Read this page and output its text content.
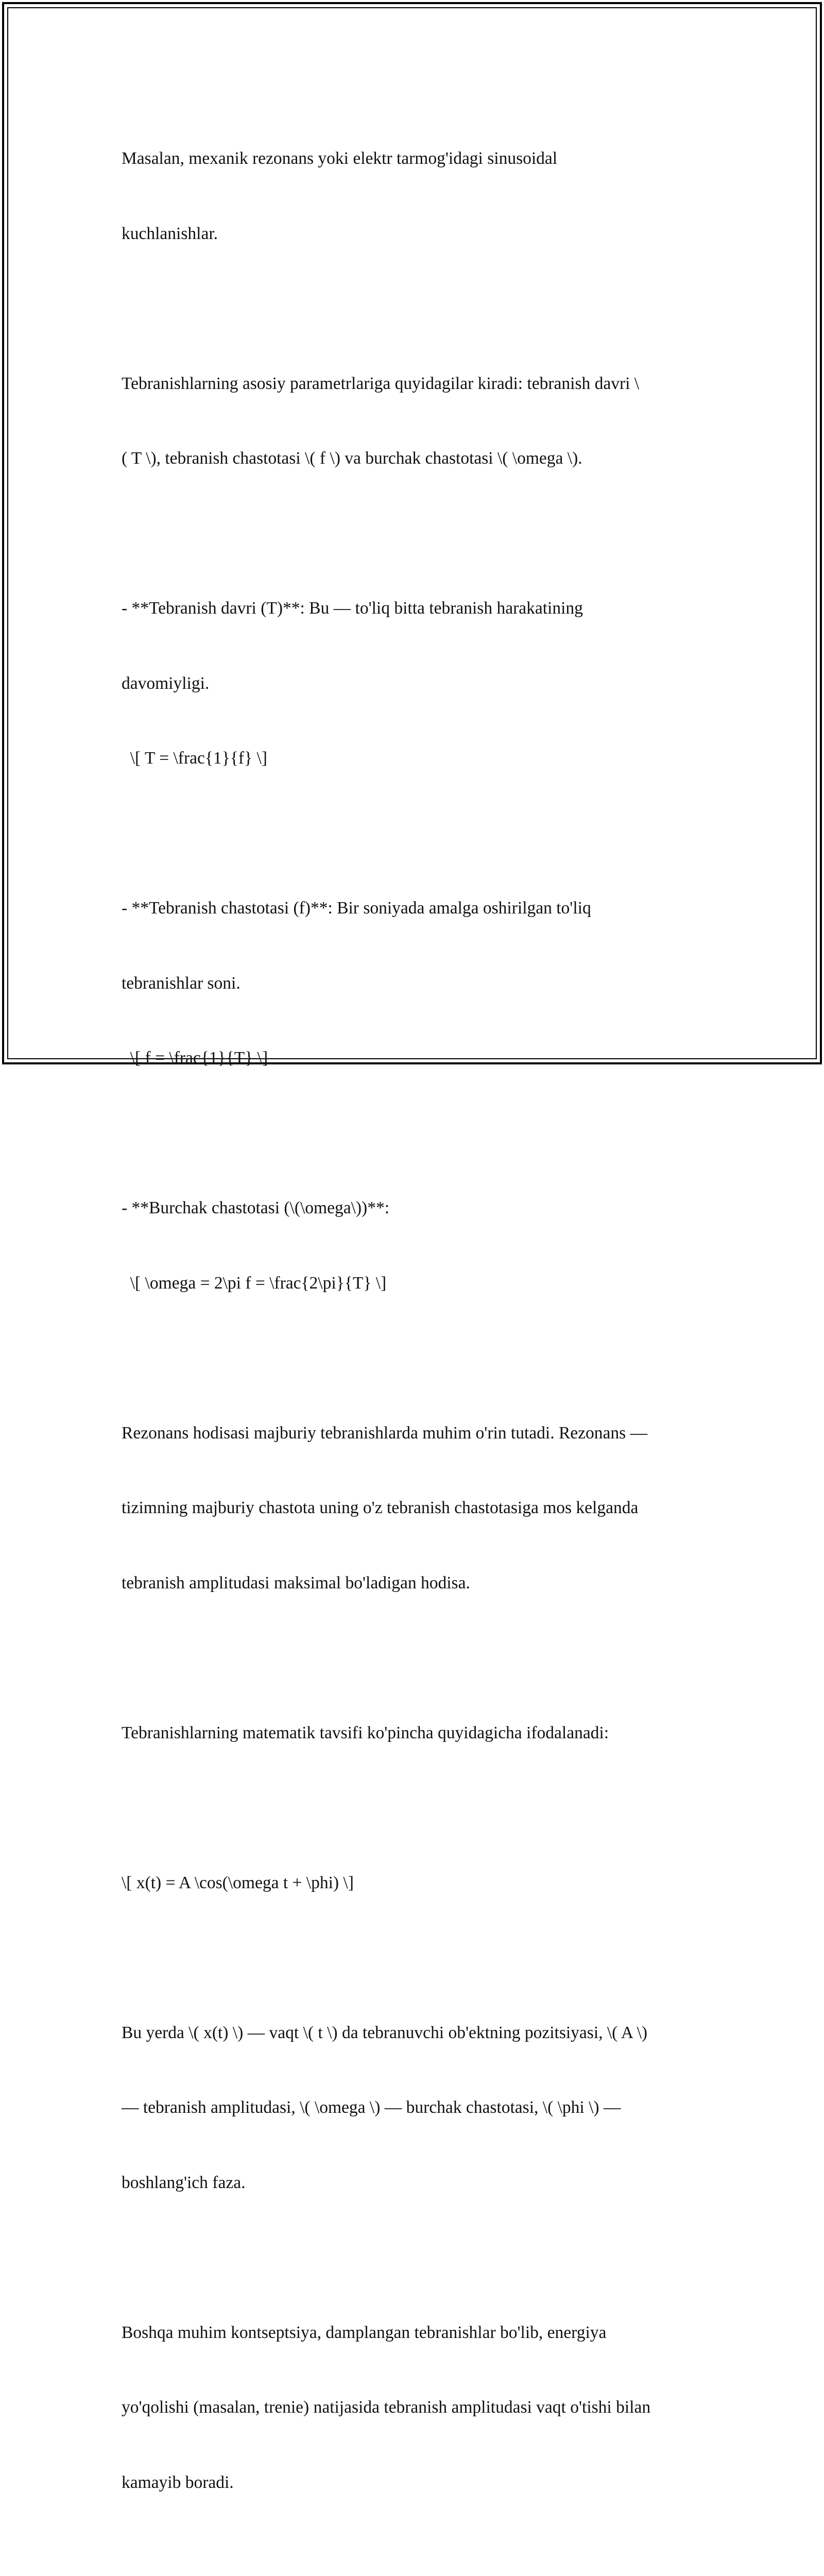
Masalan, mexanik rezonans yoki elektr tarmog'idagi sinusoidal

kuchlanishlar.

Tebranishlarning asosiy parametrlariga quyidagilar kiradi: tebranish davri \

( T \), tebranish chastotasi \( f \) va burchak chastotasi \( \omega \).

- **Tebranish davri (T)**: Bu — to'liq bitta tebranish harakatining

davomiyligi.

\[ T = \frac{1}{f} \]

- **Tebranish chastotasi (f)**: Bir soniyada amalga oshirilgan to'liq

tebranishlar soni.

\[ f = \frac{1}{T} \]

- **Burchak chastotasi (\(\omega\))**:

\[ \omega = 2\pi f = \frac{2\pi}{T} \]

Rezonans hodisasi majburiy tebranishlarda muhim o'rin tutadi. Rezonans —

tizimning majburiy chastota uning o'z tebranish chastotasiga mos kelganda

tebranish amplitudasi maksimal bo'ladigan hodisa.

Tebranishlarning matematik tavsifi ko'pincha quyidagicha ifodalanadi:

\[ x(t) = A \cos(\omega t + \phi) \]

Bu yerda \( x(t) \) — vaqt \( t \) da tebranuvchi ob'ektning pozitsiyasi, \( A \)

— tebranish amplitudasi, \( \omega \) — burchak chastotasi, \( \phi \) —

boshlang'ich faza.

Boshqa muhim kontseptsiya, damplangan tebranishlar bo'lib, energiya

yo'qolishi (masalan, trenie) natijasida tebranish amplitudasi vaqt o'tishi bilan

kamayib boradi.
